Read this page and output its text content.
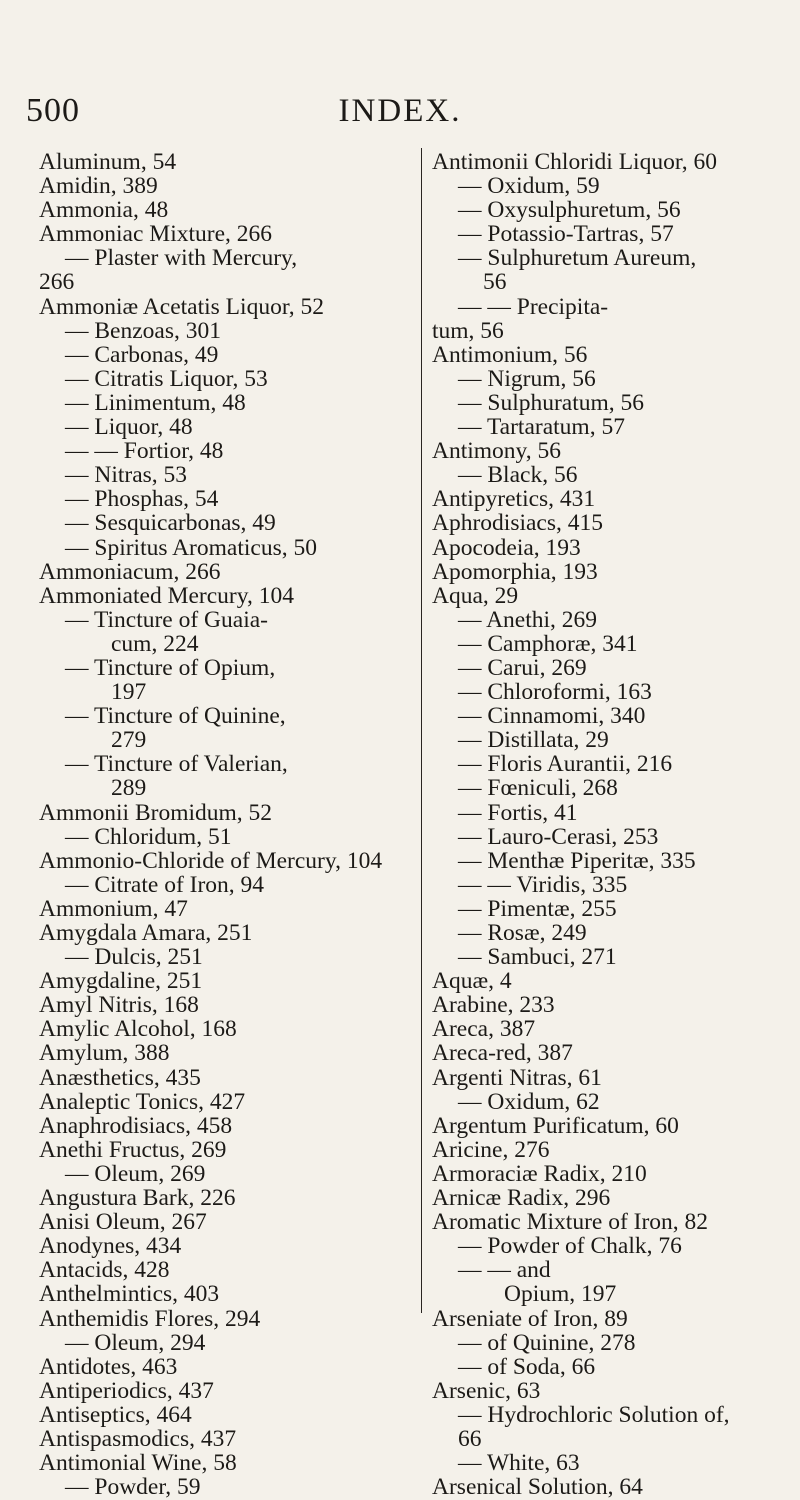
500	INDEX.
Aluminum, 54
Amidin, 389
Ammonia, 48
Ammoniac Mixture, 266
— Plaster with Mercury,
266
Ammoniæ Acetatis Liquor, 52
— Benzoas, 301
— Carbonas, 49
— Citratis Liquor, 53
— Linimentum, 48
— Liquor, 48
— — Fortior, 48
— Nitras, 53
— Phosphas, 54
— Sesquicarbonas, 49
— Spiritus Aromaticus, 50
Ammoniacum, 266
Ammoniated Mercury, 104
— Tincture of Guaia-
cum, 224
— Tincture of Opium,
197
— Tincture of Quinine,
279
— Tincture of Valerian,
289
Ammonii Bromidum, 52
— Chloridum, 51
Ammonio-Chloride of Mercury, 104
— Citrate of Iron, 94
Ammonium, 47
Amygdala Amara, 251
— Dulcis, 251
Amygdaline, 251
Amyl Nitris, 168
Amylic Alcohol, 168
Amylum, 388
Anæsthetics, 435
Analeptic Tonics, 427
Anaphrodisiacs, 458
Anethi Fructus, 269
— Oleum, 269
Angustura Bark, 226
Anisi Oleum, 267
Anodynes, 434
Antacids, 428
Anthelmintics, 403
Anthemidis Flores, 294
— Oleum, 294
Antidotes, 463
Antiperiodics, 437
Antiseptics, 464
Antispasmodics, 437
Antimonial Wine, 58
— Powder, 59
Antimonii Chloridi Liquor, 60
— Oxidum, 59
— Oxysulphuretum, 56
— Potassio-Tartras, 57
— Sulphuretum Aureum,
56
— — Precipita-
tum, 56
Antimonium, 56
— Nigrum, 56
— Sulphuratum, 56
— Tartaratum, 57
Antimony, 56
— Black, 56
Antipyretics, 431
Aphrodisiacs, 415
Apocodeia, 193
Apomorphia, 193
Aqua, 29
— Anethi, 269
— Camphoræ, 341
— Carui, 269
— Chloroformi, 163
— Cinnamomi, 340
— Distillata, 29
— Floris Aurantii, 216
— Fœniculi, 268
— Fortis, 41
— Lauro-Cerasi, 253
— Menthæ Piperitæ, 335
— — Viridis, 335
— Pimentæ, 255
— Rosæ, 249
— Sambuci, 271
Aquæ, 4
Arabine, 233
Areca, 387
Areca-red, 387
Argenti Nitras, 61
— Oxidum, 62
Argentum Purificatum, 60
Aricine, 276
Armoraciæ Radix, 210
Arnicæ Radix, 296
Aromatic Mixture of Iron, 82
— Powder of Chalk, 76
— — and
Opium, 197
Arseniate of Iron, 89
— of Quinine, 278
— of Soda, 66
Arsenic, 63
— Hydrochloric Solution of,
66
— White, 63
Arsenical Solution, 64
